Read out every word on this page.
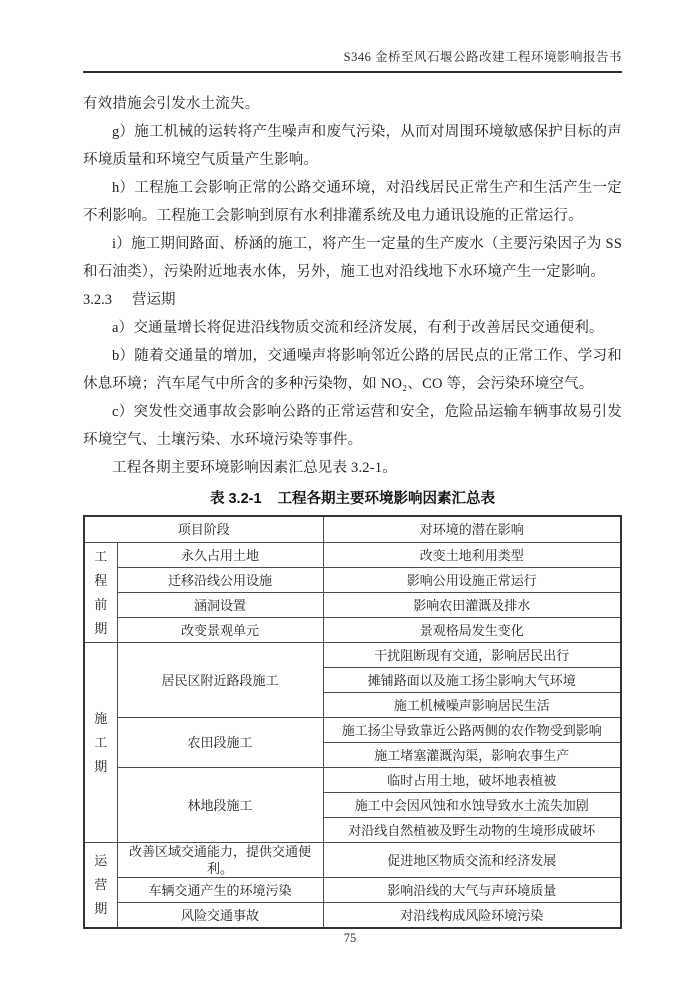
S346 金桥至风石堰公路改建工程环境影响报告书

有效措施会引发水土流失。

g）施工机械的运转将产生噪声和废气污染，从而对周围环境敏感保护目标的声环境质量和环境空气质量产生影响。

h）工程施工会影响正常的公路交通环境，对沿线居民正常生产和生活产生一定不利影响。工程施工会影响到原有水利排灌系统及电力通讯设施的正常运行。

i）施工期间路面、桥涵的施工，将产生一定量的生产废水（主要污染因子为 SS 和石油类），污染附近地表水体，另外，施工也对沿线地下水环境产生一定影响。

3.2.3 营运期

a）交通量增长将促进沿线物质交流和经济发展，有利于改善居民交通便利。

b）随着交通量的增加，交通噪声将影响邻近公路的居民点的正常工作、学习和休息环境；汽车尾气中所含的多种污染物，如 NO₂、CO 等，会污染环境空气。

c）突发性交通事故会影响公路的正常运营和安全，危险品运输车辆事故易引发环境空气、土壤污染、水环境污染等事件。

工程各期主要环境影响因素汇总见表 3.2-1。

表 3.2-1 工程各期主要环境影响因素汇总表
项目阶段		对环境的潜在影响

工程前期	永久占用土地	改变土地利用类型
	迁移沿线公用设施	影响公用设施正常运行
	涵洞设置	影响农田灌溉及排水
	改变景观单元	景观格局发生变化

施工期	居民区附近路段施工	干扰阻断现有交通，影响居民出行
		摊铺路面以及施工扬尘影响大气环境
		施工机械噪声影响居民生活
	农田段施工	施工扬尘导致靠近公路两侧的农作物受到影响
		施工堵塞灌溉沟渠，影响农事生产
	林地段施工	临时占用土地，破坏地表植被
		施工中会因风蚀和水蚀导致水土流失加剧
		对沿线自然植被及野生动物的生境形成破坏

运营期	改善区域交通能力，提供交通便利。	促进地区物质交流和经济发展
	车辆交通产生的环境污染	影响沿线的大气与声环境质量
	风险交通事故	对沿线构成风险环境污染
75
